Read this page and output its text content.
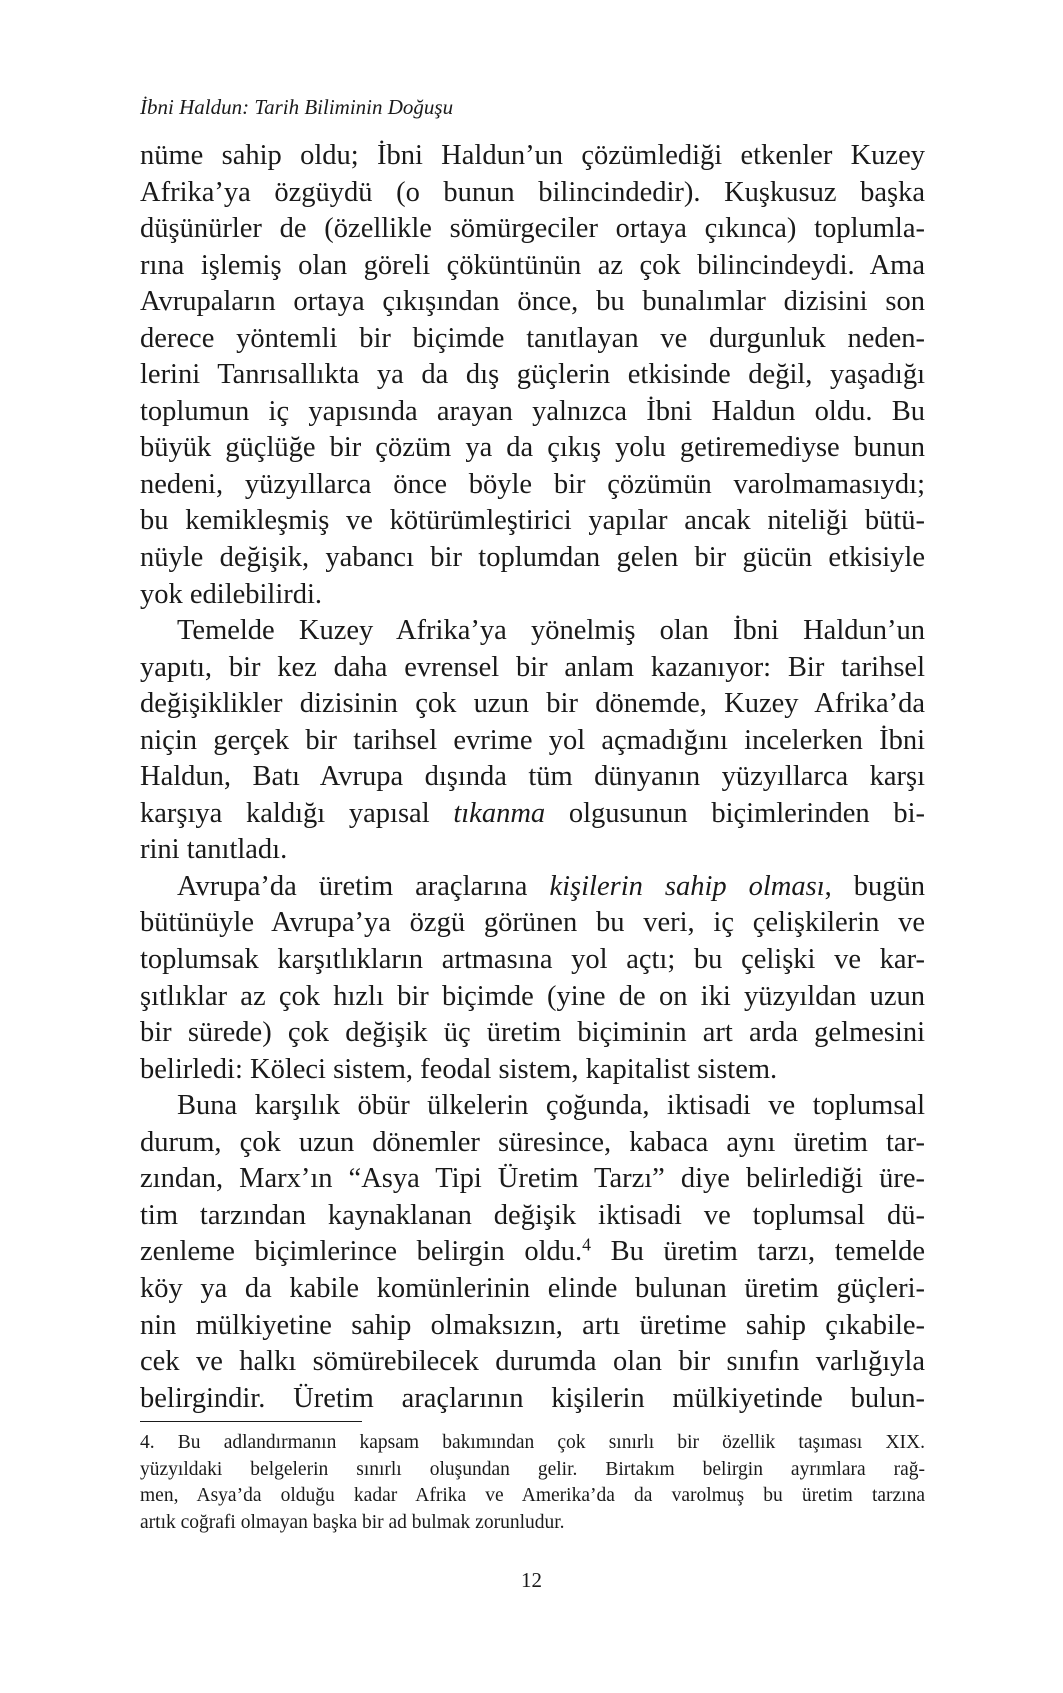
İbni Haldun: Tarih Biliminin Doğuşu
nüme sahip oldu; İbni Haldun’un çözümlediği etkenler Kuzey
Afrika’ya özgüydü (o bunun bilincindedir). Kuşkusuz başka
düşünürler de (özellikle sömürgeciler ortaya çıkınca) toplumla-
rına işlemiş olan göreli çöküntünün az çok bilincindeydi. Ama
Avrupaların ortaya çıkışından önce, bu bunalımlar dizisini son
derece yöntemli bir biçimde tanıtlayan ve durgunluk neden-
lerini Tanrısallıkta ya da dış güçlerin etkisinde değil, yaşadığı
toplumun iç yapısında arayan yalnızca İbni Haldun oldu. Bu
büyük güçlüğe bir çözüm ya da çıkış yolu getiremediyse bunun
nedeni, yüzyıllarca önce böyle bir çözümün varolmamasıydı;
bu kemikleşmiş ve kötürümleştirici yapılar ancak niteliği bütü-
nüyle değişik, yabancı bir toplumdan gelen bir gücün etkisiyle
yok edilebilirdi.
Temelde Kuzey Afrika’ya yönelmiş olan İbni Haldun’un
yapıtı, bir kez daha evrensel bir anlam kazanıyor: Bir tarihsel
değişiklikler dizisinin çok uzun bir dönemde, Kuzey Afrika’da
niçin gerçek bir tarihsel evrime yol açmadığını incelerken İbni
Haldun, Batı Avrupa dışında tüm dünyanın yüzyıllarca karşı
karşıya kaldığı yapısal tıkanma olgusunun biçimlerinden bi-
rini tanıtladı.
Avrupa’da üretim araçlarına kişilerin sahip olması, bugün
bütünüyle Avrupa’ya özgü görünen bu veri, iç çelişkilerin ve
toplumsak karşıtlıkların artmasına yol açtı; bu çelişki ve kar-
şıtlıklar az çok hızlı bir biçimde (yine de on iki yüzyıldan uzun
bir sürede) çok değişik üç üretim biçiminin art arda gelmesini
belirledi: Köleci sistem, feodal sistem, kapitalist sistem.
Buna karşılık öbür ülkelerin çoğunda, iktisadi ve toplumsal
durum, çok uzun dönemler süresince, kabaca aynı üretim tar-
zından, Marx’ın “Asya Tipi Üretim Tarzı” diye belirlediği üre-
tim tarzından kaynaklanan değişik iktisadi ve toplumsal dü-
zenleme biçimlerince belirgin oldu.$^4$ Bu üretim tarzı, temelde
köy ya da kabile komünlerinin elinde bulunan üretim güçleri-
nin mülkiyetine sahip olmaksızın, artı üretime sahip çıkabile-
cek ve halkı sömürebilecek durumda olan bir sınıfın varlığıyla
belirgindir. Üretim araçlarının kişilerin mülkiyetinde bulun-
4. Bu adlandırmanın kapsam bakımından çok sınırlı bir özellik taşıması XIX.
yüzyıldaki belgelerin sınırlı oluşundan gelir. Birtakım belirgin ayrımlara rağ-
men, Asya’da olduğu kadar Afrika ve Amerika’da da varolmuş bu üretim tarzına
artık coğrafi olmayan başka bir ad bulmak zorunludur.
12
